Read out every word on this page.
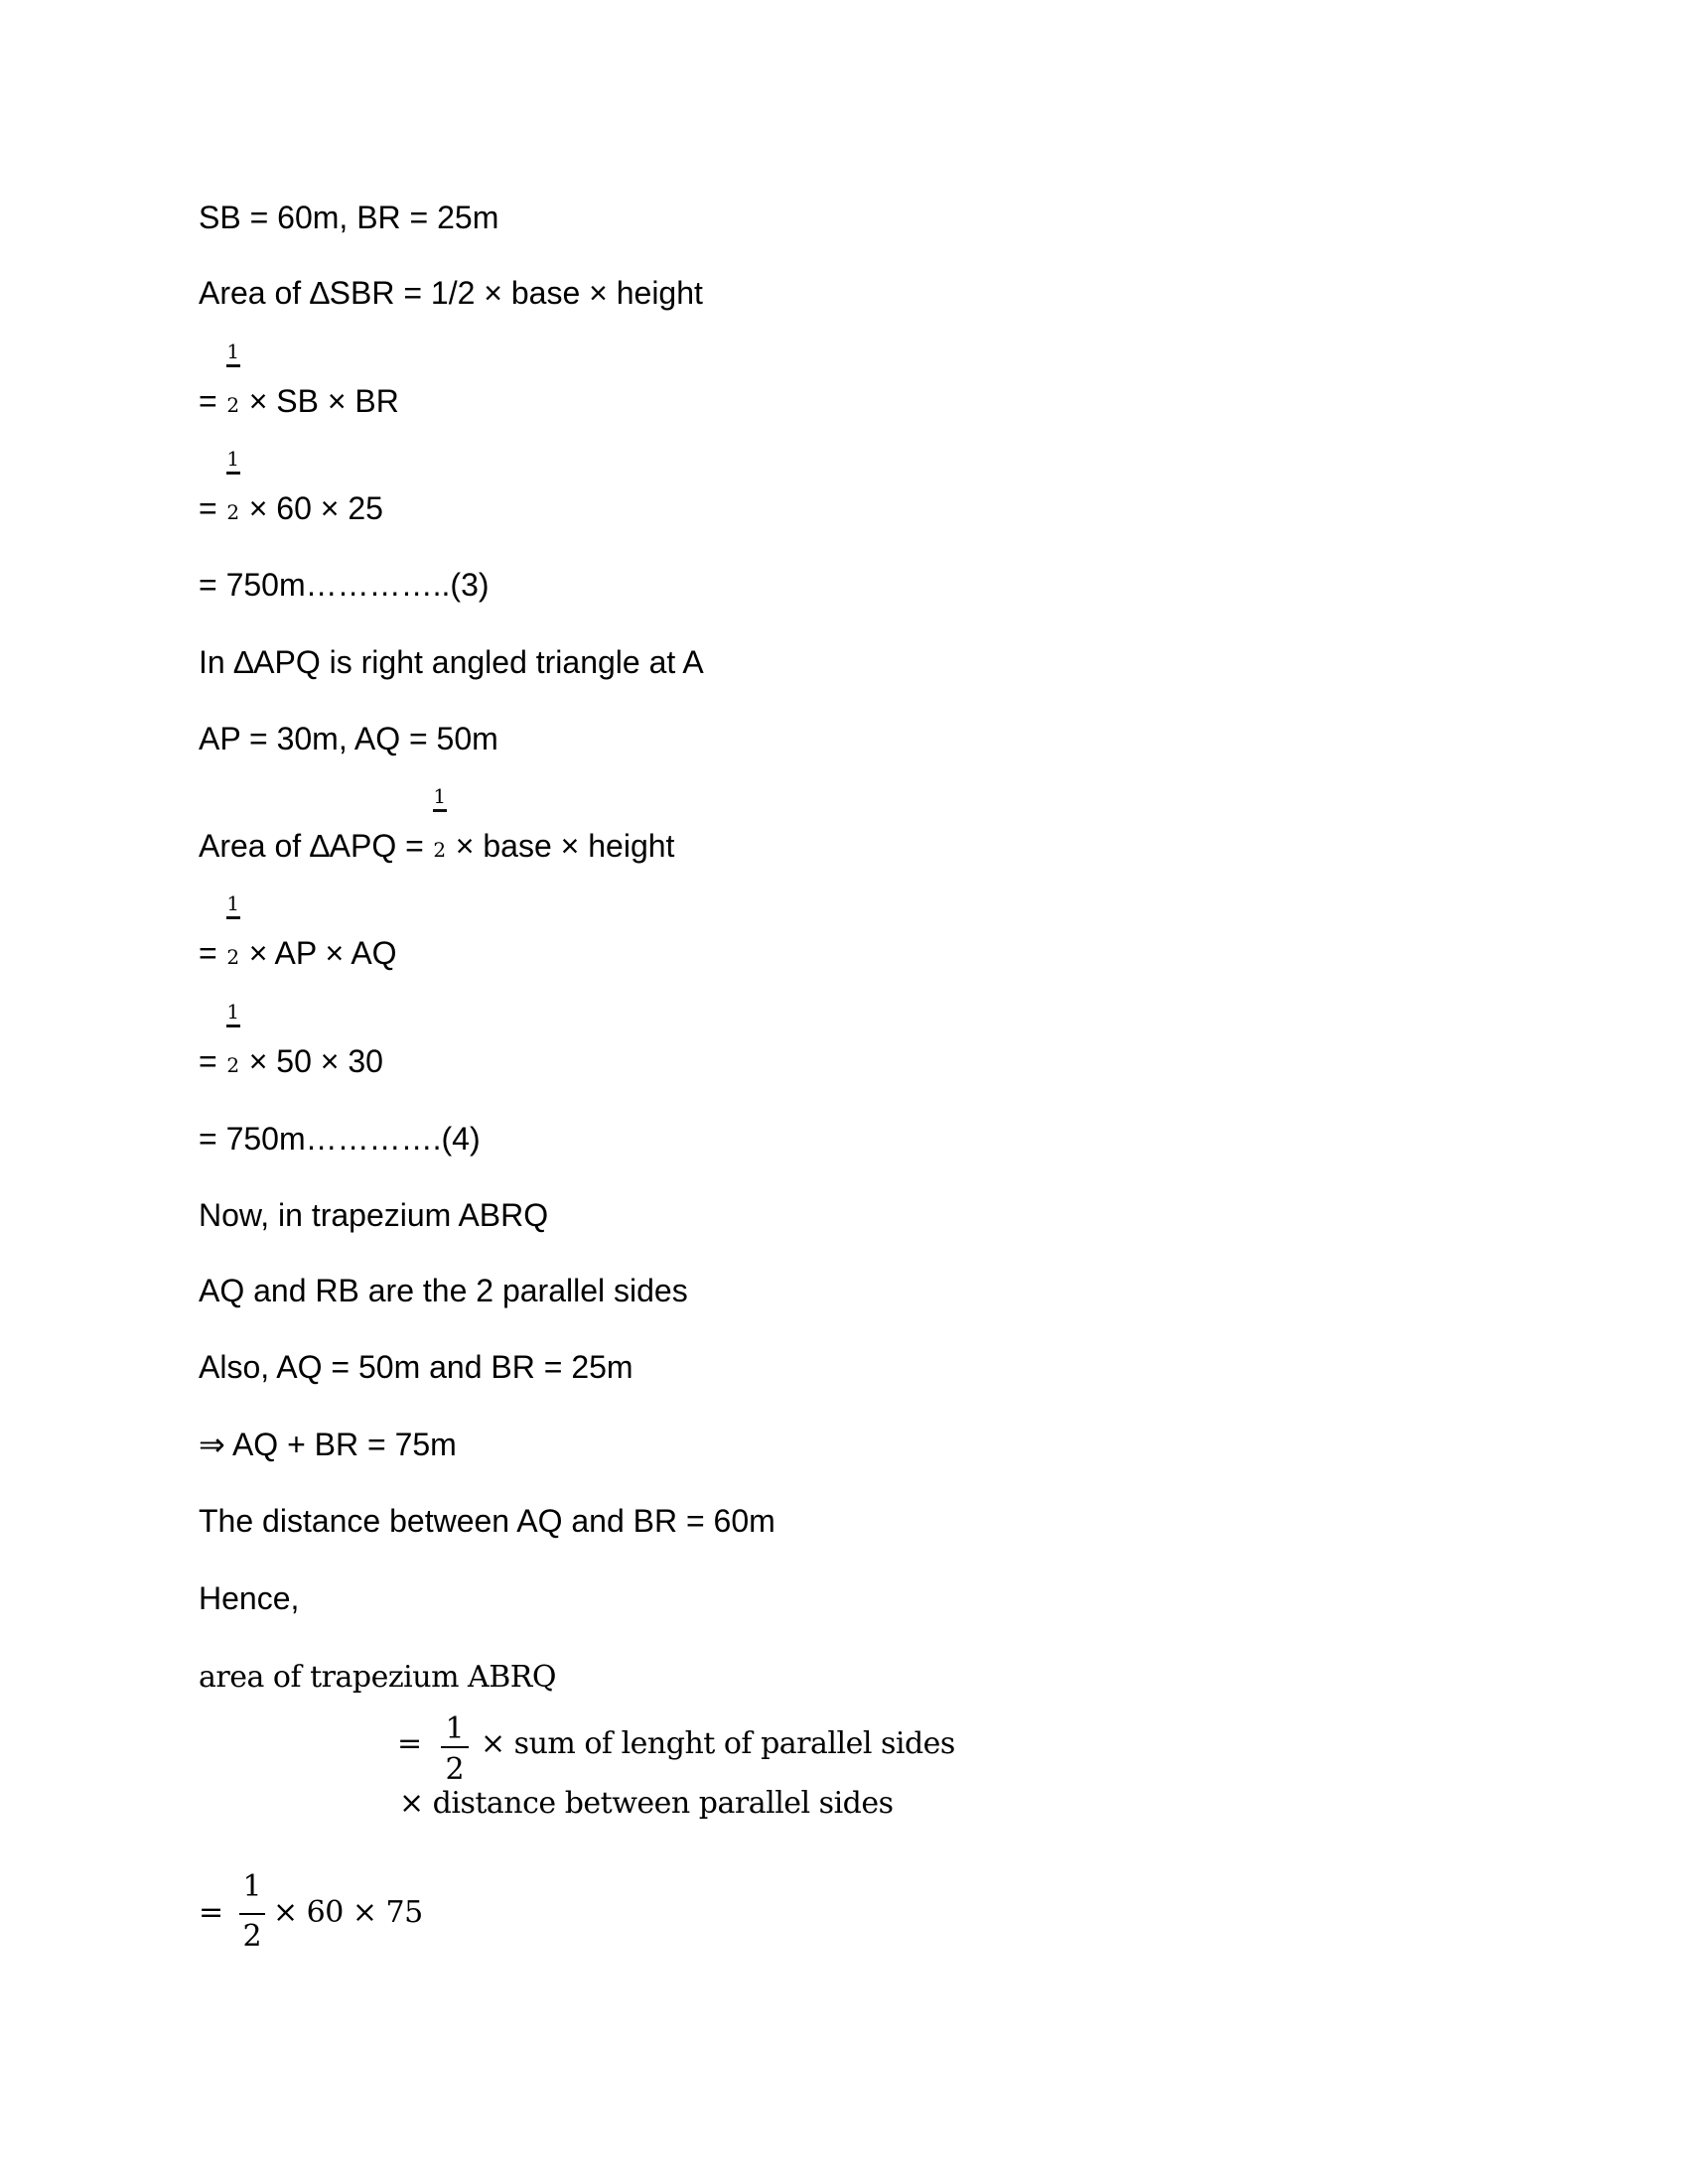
SB = 60m, BR = 25m
Area of ∆SBR = 1/2 × base × height
= $\frac{1}{2}$ × SB × BR
= $\frac{1}{2} \times 60 \times 25$
= 750m…………..(3)
In ∆APQ is right angled triangle at A
AP = 30m, AQ = 50m
Area of $\Delta APQ = \frac{1}{2}$ × base × height
= $\frac{1}{2}$ × AP × AQ
= $\frac{1}{2} \times 50 \times 30$
= 750m………….(4)
Now, in trapezium ABRQ
AQ and RB are the 2 parallel sides
Also, AQ = 50m and BR = 25m
⇒ AQ + BR = 75m
The distance between AQ and BR = 60m
Hence,
area of trapezium ABRQ
= 1
2
× sum of lenght of parallel sides
× distance between parallel sides
=
1
2
× 60 × 75
